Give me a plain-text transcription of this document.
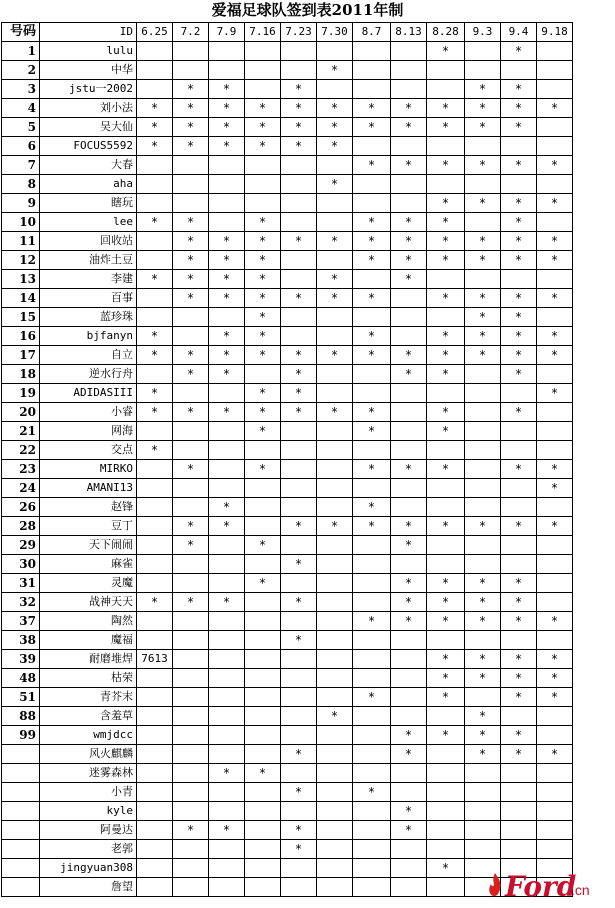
爱福足球队签到表2011年制
号码	ID	6.25	7.2	7.9	7.16	7.23	7.30	8.7	8.13	8.28	9.3	9.4	9.18
1	lulu									*		*	
2	中华						*						
3	jstu一2002		*	*		*					*	*	
4	刘小法	*	*	*	*	*	*	*	*	*	*	*	*
5	吴大仙	*	*	*	*	*	*	*	*	*	*	*	
6	FOCUS5592	*	*	*	*	*	*						
7	大春							*	*	*	*	*	*
8	aha						*						
9	瞎玩									*	*	*	*
10	lee	*	*		*			*	*	*		*	
11	回收站		*	*	*	*	*	*	*	*	*	*	*
12	油炸土豆		*	*	*			*	*	*	*	*	*
13	李建	*	*	*	*		*		*				
14	百事		*	*	*	*	*	*		*	*	*	*
15	蓝珍珠				*						*	*	
16	bjfanyn	*		*	*			*		*	*	*	*
17	自立	*	*	*	*	*	*	*	*	*	*	*	*
18	逆水行舟		*	*		*			*	*		*	
19	ADIDASIII	*			*	*							*
20	小睿	*	*	*	*	*	*	*		*		*	
21	网海				*			*		*			
22	交点	*											
23	MIRKO		*		*			*	*	*		*	*
24	AMANI13												*
26	赵锋			*				*					
28	豆丁		*	*		*	*	*	*	*	*	*	*
29	天下闹闹		*		*				*				
30	麻雀					*							
31	灵魔				*				*	*	*	*	
32	战神天天	*	*	*		*			*	*	*	*	
37	陶然							*	*	*	*	*	*
38	魔福					*							
39	耐磨堆焊	7613								*	*	*	*
48	枯荣									*	*	*	*
51	青芥末							*		*		*	*
88	含羞草						*				*		
99	wmjdcc								*	*	*	*	
	风火麒麟					*			*		*	*	*
	迷雾森林			*	*								
	小青					*		*					
	kyle								*				
	阿曼达		*	*		*			*				
	老郭					*							
	jingyuan308									*			
	詹望													Ford
.cn
